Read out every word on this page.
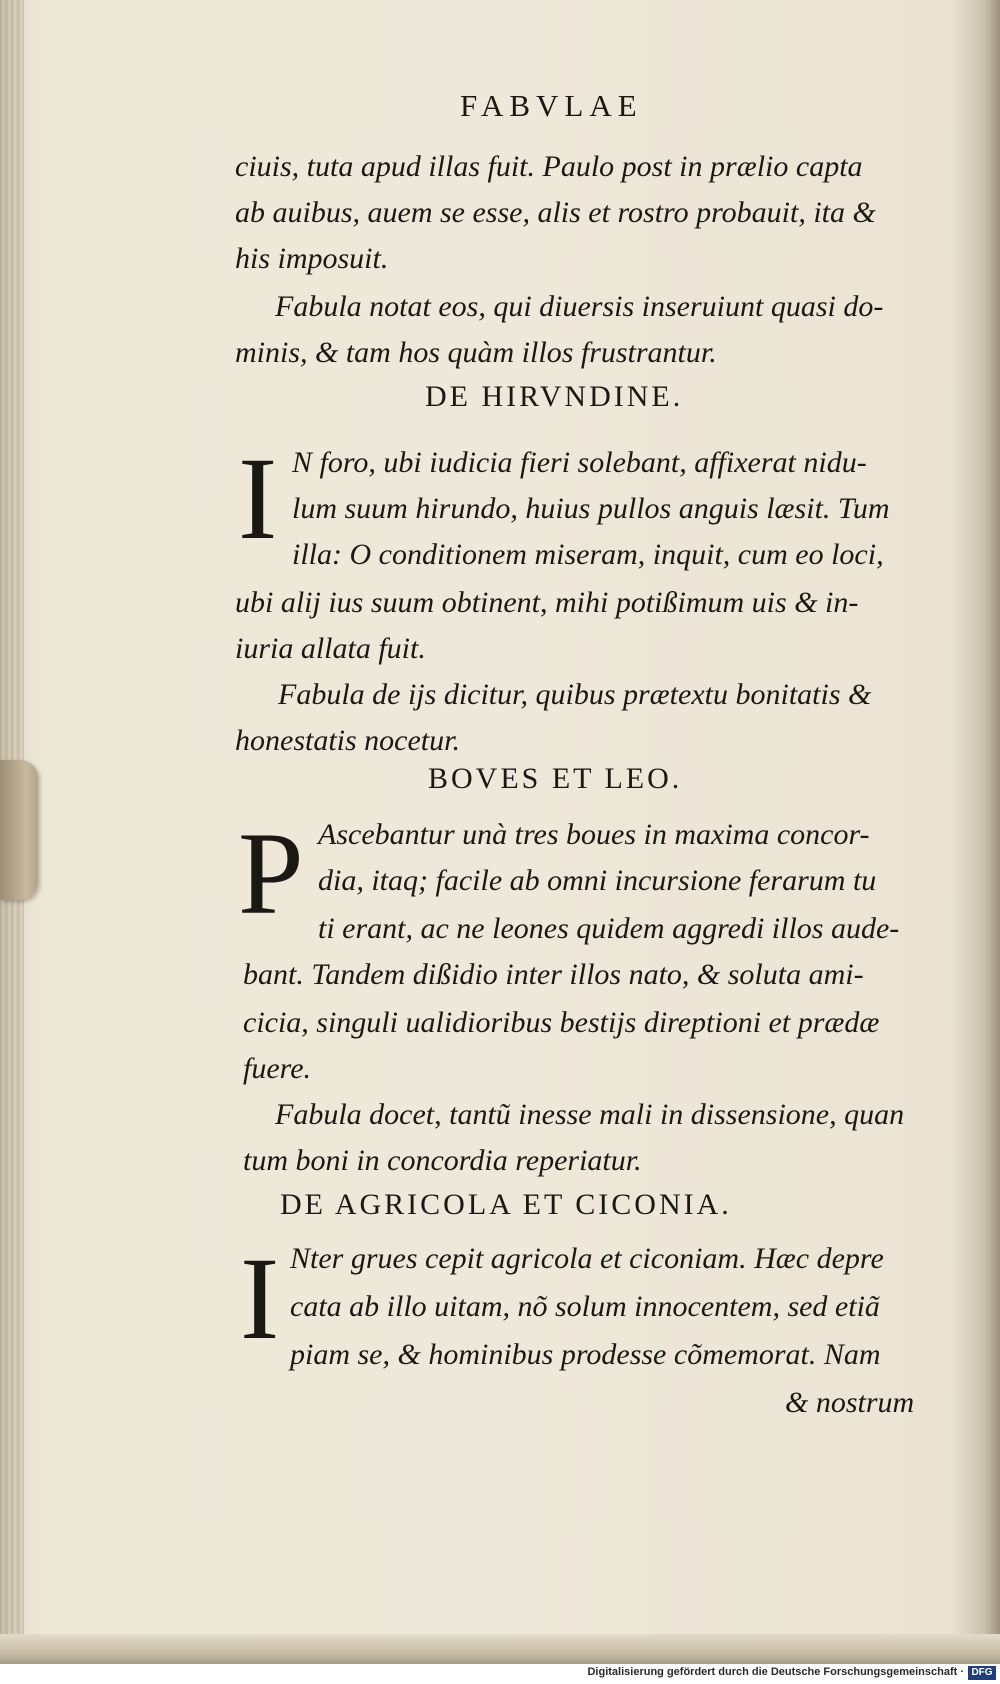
FABVLAE
ciuis, tuta apud illas fuit. Paulo post in prælio capta
ab auibus, auem se esse, alis et rostro probauit, ita &
his imposuit.
Fabula notat eos, qui diuersis inseruiunt quasi do-
minis, & tam hos quàm illos frustrantur.
DE HIRVNDINE.
I N foro, ubi iudicia fieri solebant, affixerat nidu-
lum suum hirundo, huius pullos anguis læsit. Tum
illa: O conditionem miseram, inquit, cum eo loci,
ubi alij ius suum obtinent, mihi potißimum uis & in-
iuria allata fuit.
Fabula de ijs dicitur, quibus prætextu bonitatis &
honestatis nocetur.
BOVES ET LEO.
P Ascebantur unà tres boues in maxima concor-
dia, itaq; facile ab omni incursione ferarum tu
ti erant, ac ne leones quidem aggredi illos aude-
bant. Tandem dißidio inter illos nato, & soluta ami-
cicia, singuli ualidioribus bestijs direptioni et prædæ
fuere.
Fabula docet, tantũ inesse mali in dissensione, quan
tum boni in concordia reperiatur.
DE AGRICOLA ET CICONIA.
I Nter grues cepit agricola et ciconiam. Hæc depre
cata ab illo uitam, nõ solum innocentem, sed etiã
piam se, & hominibus prodesse cõmemorat. Nam
& nostrum
Digitalisierung gefördert durch die Deutsche Forschungsgemeinschaft · DFG
